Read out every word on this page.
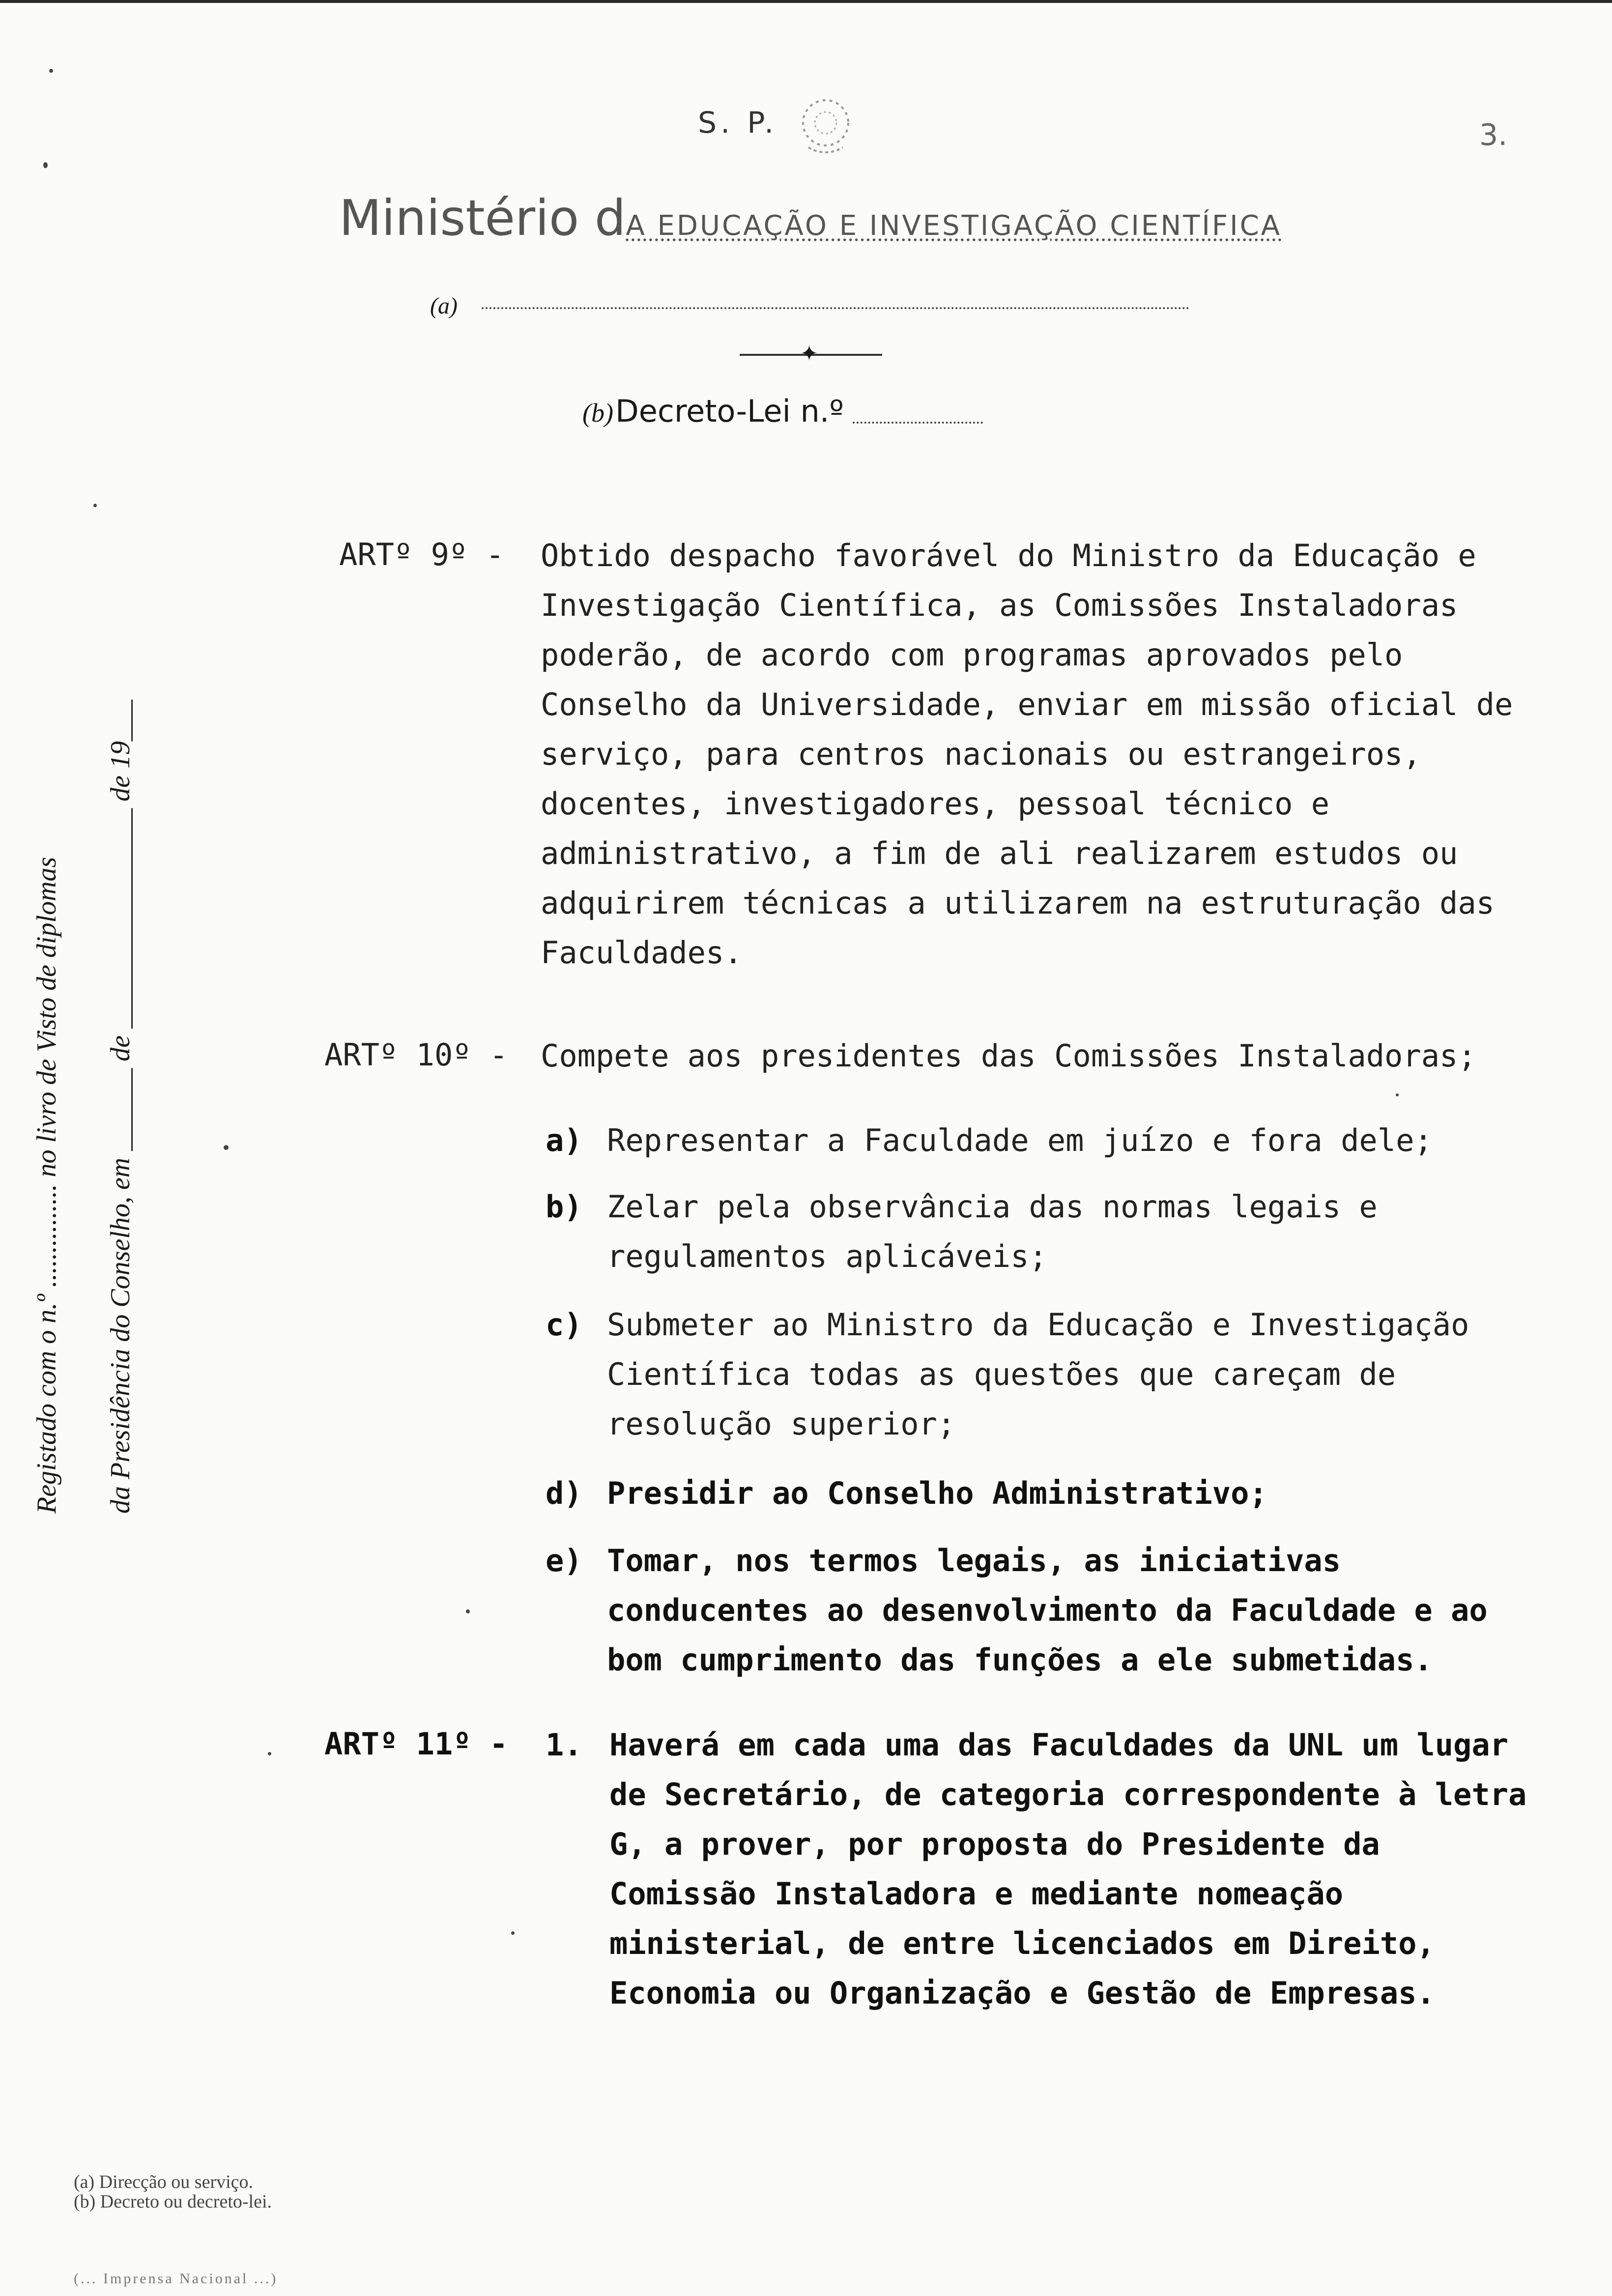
S. P.	3.
Ministério dA EDUCAÇÃO E INVESTIGAÇÃO CIENTÍFICA
(a)
✦
(b) Decreto-Lei n.º
Registado com o n.º ............... no livro de Visto de diplomas	da Presidência do Conselho, em ______ de ________________ de 19___
ARTº 9º - Obtido despacho favorável do Ministro da Educação e Investigação Científica, as Comissões Instaladoras poderão, de acordo com programas aprovados pelo Conselho da Universidade, enviar em missão oficial de serviço, para centros nacionais ou estrangeiros, docentes, investigadores, pessoal técnico e administrativo, a fim de ali realizarem estudos ou adquirirem técnicas a utilizarem na estruturação das Faculdades.
ARTº 10º - Compete aos presidentes das Comissões Instaladoras;
a) Representar a Faculdade em juízo e fora dele;
b) Zelar pela observância das normas legais e regulamentos aplicáveis;
c) Submeter ao Ministro da Educação e Investigação Científica todas as questões que careçam de resolução superior;
d) Presidir ao Conselho Administrativo;
e) Tomar, nos termos legais, as iniciativas conducentes ao desenvolvimento da Faculdade e ao bom cumprimento das funções a ele submetidas.
ARTº 11º - 1. Haverá em cada uma das Faculdades da UNL um lugar de Secretário, de categoria correspondente à letra G, a prover, por proposta do Presidente da Comissão Instaladora e mediante nomeação ministerial, de entre licenciados em Direito, Economia ou Organização e Gestão de Empresas.
(a) Direcção ou serviço.
(b) Decreto ou decreto-lei.
(... Imprensa Nacional ...)
